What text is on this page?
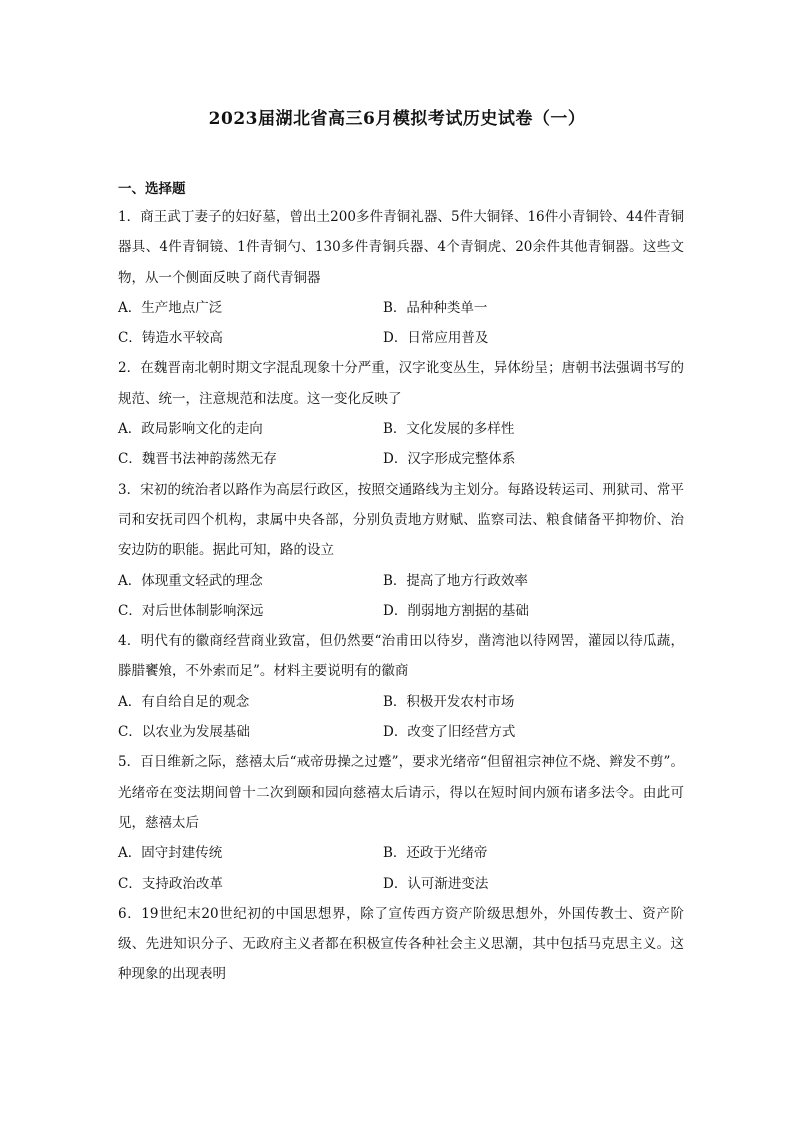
2023届湖北省高三6月模拟考试历史试卷（一）
一、选择题

1．商王武丁妻子的妇好墓，曾出土200多件青铜礼器、5件大铜铎、16件小青铜铃、44件青铜器具、4件青铜镜、1件青铜勺、130多件青铜兵器、4个青铜虎、20余件其他青铜器。这些文物，从一个侧面反映了商代青铜器

A．生产地点广泛	B．品种种类单一
C．铸造水平较高	D．日常应用普及

2．在魏晋南北朝时期文字混乱现象十分严重，汉字讹变丛生，异体纷呈；唐朝书法强调书写的规范、统一，注意规范和法度。这一变化反映了

A．政局影响文化的走向	B．文化发展的多样性
C．魏晋书法神韵荡然无存	D．汉字形成完整体系

3．宋初的统治者以路作为高层行政区，按照交通路线为主划分。每路设转运司、刑狱司、常平司和安抚司四个机构，隶属中央各部，分别负责地方财赋、监察司法、粮食储备平抑物价、治安边防的职能。据此可知，路的设立

A．体现重文轻武的理念	B．提高了地方行政效率
C．对后世体制影响深远	D．削弱地方割据的基础

4．明代有的徽商经营商业致富，但仍然要“治甫田以待岁，凿湾池以待网罟，灌园以待瓜蔬，滕腊饔飧，不外索而足”。材料主要说明有的徽商

A．有自给自足的观念	B．积极开发农村市场
C．以农业为发展基础	D．改变了旧经营方式

5．百日维新之际，慈禧太后“戒帝毋操之过蹙”，要求光绪帝“但留祖宗神位不烧、辫发不剪”。光绪帝在变法期间曾十二次到颐和园向慈禧太后请示，得以在短时间内颁布诸多法令。由此可见，慈禧太后

A．固守封建传统	B．还政于光绪帝
C．支持政治改革	D．认可渐进变法

6．19世纪末20世纪初的中国思想界，除了宣传西方资产阶级思想外，外国传教士、资产阶级、先进知识分子、无政府主义者都在积极宣传各种社会主义思潮，其中包括马克思主义。这种现象的出现表明
